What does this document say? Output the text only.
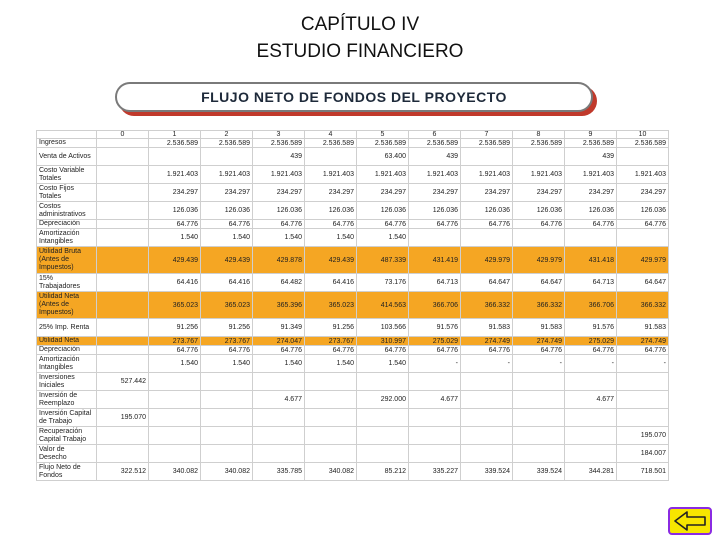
CAPÍTULO IV
ESTUDIO FINANCIERO
FLUJO NETO DE FONDOS DEL PROYECTO
	0	1	2	3	4	5	6	7	8	9	10
Ingresos		2.536.589	2.536.589	2.536.589	2.536.589	2.536.589	2.536.589	2.536.589	2.536.589	2.536.589	2.536.589
Venta de Activos				439		63.400	439			439	
Costo Variable Totales		1.921.403	1.921.403	1.921.403	1.921.403	1.921.403	1.921.403	1.921.403	1.921.403	1.921.403	1.921.403
Costo Fijos Totales		234.297	234.297	234.297	234.297	234.297	234.297	234.297	234.297	234.297	234.297
Costos administrativos		126.036	126.036	126.036	126.036	126.036	126.036	126.036	126.036	126.036	126.036
Depreciación		64.776	64.776	64.776	64.776	64.776	64.776	64.776	64.776	64.776	64.776
Amortización Intangibles		1.540	1.540	1.540	1.540	1.540					
Utilidad Bruta (Antes de Impuestos)		429.439	429.439	429.878	429.439	487.339	431.419	429.979	429.979	431.418	429.979
15% Trabajadores		64.416	64.416	64.482	64.416	73.176	64.713	64.647	64.647	64.713	64.647
Utilidad Neta (Antes de Impuestos)		365.023	365.023	365.396	365.023	414.563	366.706	366.332	366.332	366.706	366.332
25% Imp. Renta		91.256	91.256	91.349	91.256	103.566	91.576	91.583	91.583	91.576	91.583
Utilidad Neta		273.767	273.767	274.047	273.767	310.997	275.029	274.749	274.749	275.029	274.749
Depreciación		64.776	64.776	64.776	64.776	64.776	64.776	64.776	64.776	64.776	64.776
Amortización Intangibles		1.540	1.540	1.540	1.540	1.540	-	-	-	-	-
Inversiones Iniciales	527.442										
Inversión de Reemplazo				4.677		292.000	4.677			4.677	
Inversión Capital de Trabajo	195.070										
Recuperación Capital Trabajo											195.070
Valor de Desecho											184.007
Flujo Neto de Fondos	322.512	340.082	340.082	335.785	340.082	85.212	335.227	339.524	339.524	344.281	718.501
